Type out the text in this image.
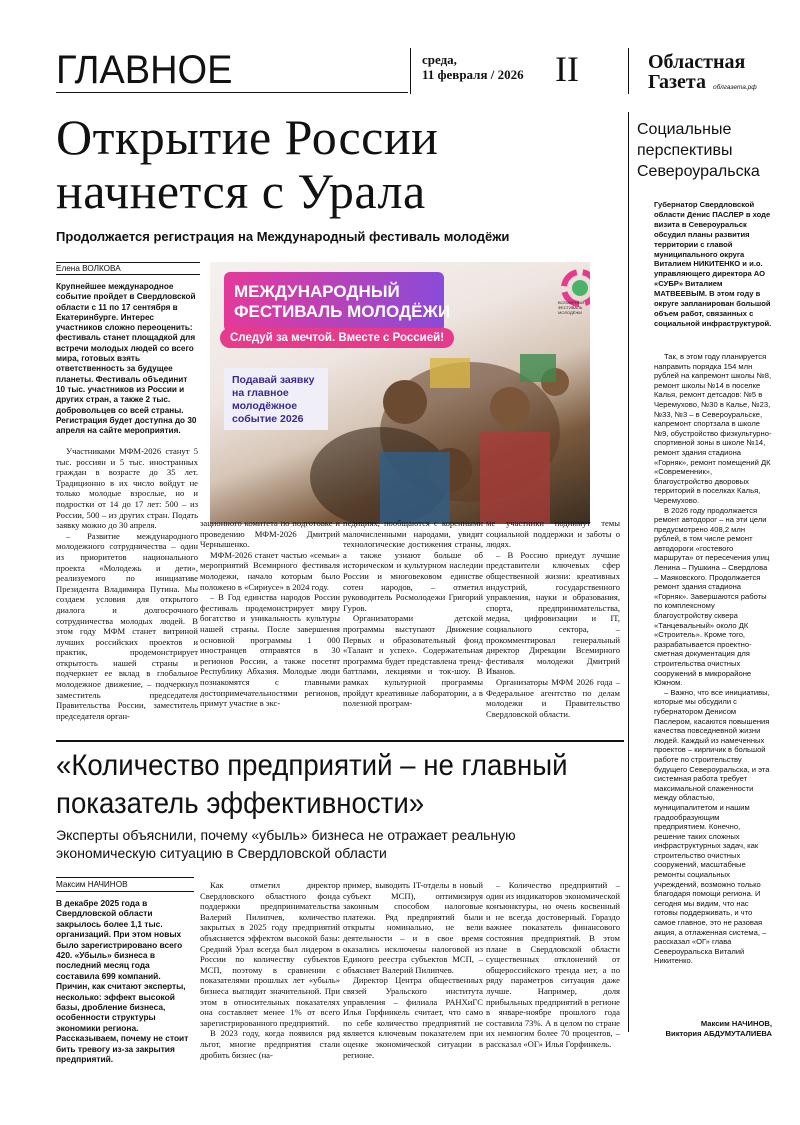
ГЛАВНОЕ	среда,
11 февраля / 2026 II	Областная
Газета облгазета.рф
Открытие России
начнется с Урала
Продолжается регистрация на Международный фестиваль молодёжи
Социальные
перспективы
Североуральска
Губернатор Свердловской области Денис ПАСЛЕР в ходе визита в Североуральск обсудил планы развития территории с главой муниципального округа Виталием НИКИТЕНКО и и.о. управляющего директора АО «СУБР» Виталием МАТВЕЕВЫМ. В этом году в округе запланирован большой объем работ, связанных с социальной инфраструктурой.

Так, в этом году планируется направить порядка 154 млн рублей на капремонт школы №8, ремонт школы №14 в поселке Калья, ремонт детсадов: №5 в Черемухово, №30 в Калье, №23, №33, №3 – в Североуральске, капремонт спортзала в школе №9, обустройство физкультурно-спортивной зоны в школе №14, ремонт здания стадиона «Горняк», ремонт помещений ДК «Современник», благоустройство дворовых территорий в поселках Калья, Черемухово.

В 2026 году продолжается ремонт автодорог – на эти цели предусмотрено 408,2 млн рублей, в том числе ремонт автодороги «гостевого маршрута» от пересечения улиц Ленина – Пушкина – Свердлова – Маяковского. Продолжается ремонт здания стадиона «Горняк». Завершаются работы по комплексному благоустройству сквера «Танцевальный» около ДК «Строитель». Кроме того, разрабатывается проектно-сметная документация для строительства очистных сооружений в микрорайоне Южном.

– Важно, что все инициативы, которые мы обсудили с губернатором Денисом Паслером, касаются повышения качества повседневной жизни людей. Каждый из намеченных проектов – кирпичик в большой работе по строительству будущего Североуральска, и эта системная работа требует максимальной слаженности между областью, муниципалитетом и нашим градообразующим предприятием. Конечно, решение таких сложных инфраструктурных задач, как строительство очистных сооружений, масштабные ремонты социальных учреждений, возможно только благодаря помощи региона. И сегодня мы видим, что нас готовы поддерживать, и что самое главное, это не разовая акция, а отлаженная система, – рассказал «ОГ» глава Североуральска Виталий Никитенко.

Максим НАЧИНОВ,
Виктория АБДУМУТАЛИЕВА
Елена ВОЛКОВА
Крупнейшее международное событие пройдет в Свердловской области с 11 по 17 сентября в Екатеринбурге. Интерес участников сложно переоценить: фестиваль станет площадкой для встречи молодых людей со всего мира, готовых взять ответственность за будущее планеты. Фестиваль объединит 10 тыс. участников из России и других стран, а также 2 тыс. добровольцев со всей страны. Регистрация будет доступна до 30 апреля на сайте мероприятия.
МЕЖДУНАРОДНЫЙ
ФЕСТИВАЛЬ МОЛОДЁЖИ
Следуй за мечтой. Вместе с Россией!
Подавай заявку
на главное
молодёжное
событие 2026
ВСЕМИРНЫЙ
ФЕСТИВАЛЬ
МОЛОДЁЖИ

Участниками МФМ-2026 станут 5 тыс. россиян и 5 тыс. иностранных граждан в возрасте до 35 лет. Традиционно в их число войдут не только молодые взрослые, но и подростки от 14 до 17 лет: 500 – из России, 500 – из других стран. Подать заявку можно до 30 апреля.

– Развитие международного молодежного сотрудничества – один из приоритетов национального проекта «Молодежь и дети», реализуемого по инициативе Президента Владимира Путина. Мы создаем условия для открытого диалога и долгосрочного сотрудничества молодых людей. В этом году МФМ станет витриной лучших российских проектов и практик, продемонстрирует открытость нашей страны и подчеркнет ее вклад в глобальное молодежное движение, – подчеркнул заместитель председателя Правительства России, заместитель председателя орган-

зационного комитета по подготовке и проведению МФМ-2026 Дмитрий Чернышенко.

МФМ-2026 станет частью «семьи» мероприятий Всемирного фестиваля молодежи, начало которым было положено в «Сириусе» в 2024 году.

– В Год единства народов России фестиваль продемонстрирует миру богатство и уникальность культуры нашей страны. После завершения основной программы 1 000 иностранцев отправятся в 30 регионов России, а также посетят Республику Абхазия. Молодые люди познакомятся с главными достопримечательностями регионов, примут участие в экс-

педициях, пообщаются с коренными малочисленными народами, увидят технологические достижения страны, а также узнают больше об историческом и культурном наследии России и многовековом единстве сотен народов, – отметил руководитель Росмолодежи Григорий Гуров.

Организаторами детской программы выступают Движение Первых и образовательный фонд «Талант и успех». Содержательная программа будет представлена тренд-баттлами, лекциями и ток-шоу. В рамках культурной программы пройдут креативные лаборатории, а в полезной програм-

ме участники поднимут темы социальной поддержки и заботы о людях.

– В Россию приедут лучшие представители ключевых сфер общественной жизни: креативных индустрий, государственного управления, науки и образования, спорта, предпринимательства, медиа, цифровизации и IT, социального сектора, – прокомментировал генеральный директор Дирекции Всемирного фестиваля молодежи Дмитрий Иванов.

Организаторы МФМ 2026 года – Федеральное агентство по делам молодежи и Правительство Свердловской области.

«Количество предприятий – не главный
показатель эффективности»
Эксперты объяснили, почему «убыль» бизнеса не отражает реальную
экономическую ситуацию в Свердловской области
Максим НАЧИНОВ
В декабре 2025 года в Свердловской области закрылось более 1,1 тыс. организаций. При этом новых было зарегистрировано всего 420. «Убыль» бизнеса в последний месяц года составила 699 компаний. Причин, как считают эксперты, несколько: эффект высокой базы, дробление бизнеса, особенности структуры экономики региона. Рассказываем, почему не стоит бить тревогу из-за закрытия предприятий.

Как отметил директор Свердловского областного фонда поддержки предпринимательства Валерий Пилипчев, количество закрытых в 2025 году предприятий объясняется эффектом высокой базы: Средний Урал всегда был лидером в России по количеству субъектов МСП, поэтому в сравнении с показателями прошлых лет «убыль» бизнеса выглядит значительной. При этом в относительных показателях она составляет менее 1% от всего зарегистрированного предприятий.

В 2023 году, когда появился ряд льгот, многие предприятия стали дробить бизнес (на-

пример, выводить IT-отделы в новый субъект МСП), оптимизируя законным способом налоговые платежи. Ряд предприятий были открыты номинально, не вели деятельности – и в свое время оказались исключены налоговой из Единого реестра субъектов МСП, – объясняет Валерий Пилипчев.

Директор Центра общественных связей Уральского института управления – филиала РАНХиГС Илья Горфинкель считает, что само по себе количество предприятий не является ключевым показателем при оценке экономической ситуации в регионе.

– Количество предприятий – один из индикаторов экономической конъюнктуры, но очень косвенный и не всегда достоверный. Гораздо важнее показатель финансового состояния предприятий. В этом плане в Свердловской области существенных отклонений от общероссийского тренда нет, а по ряду параметров ситуация даже лучше. Например, доля прибыльных предприятий в регионе в январе-ноябре прошлого года составила 73%. А в целом по стране их немногим более 70 процентов, – рассказал «ОГ» Илья Горфинкель.
